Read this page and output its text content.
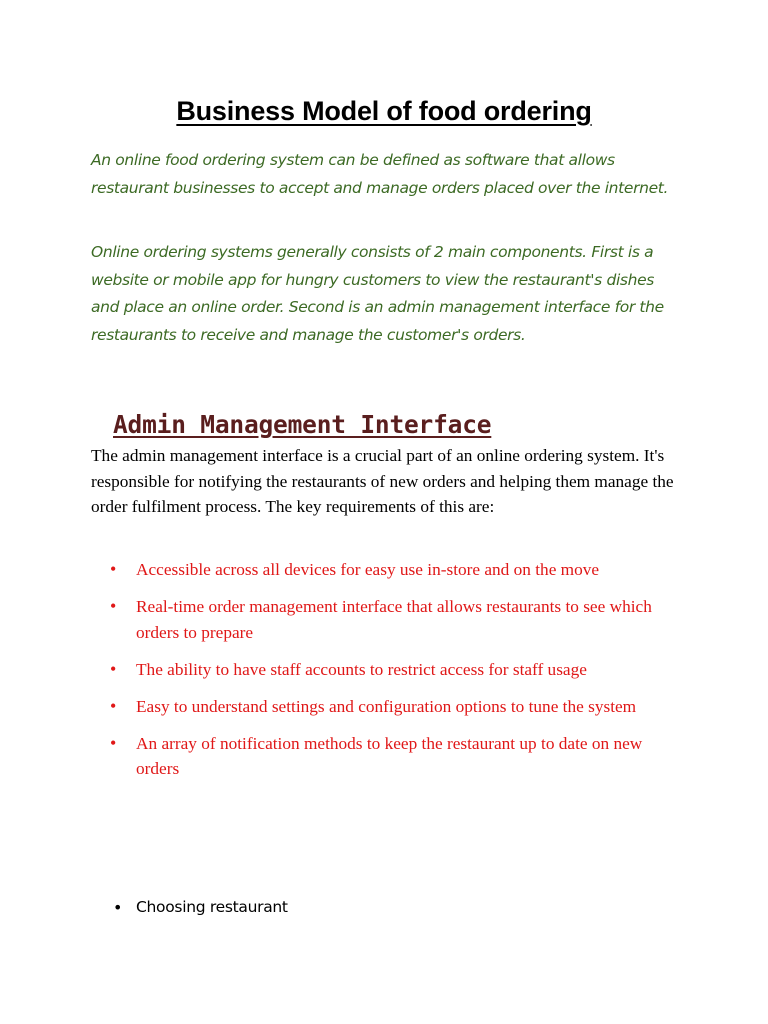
Business Model of food ordering

An online food ordering system can be defined as software that allows restaurant businesses to accept and manage orders placed over the internet.

Online ordering systems generally consists of 2 main components. First is a website or mobile app for hungry customers to view the restaurant's dishes and place an online order. Second is an admin management interface for the restaurants to receive and manage the customer's orders.

Admin Management Interface

The admin management interface is a crucial part of an online ordering system. It's responsible for notifying the restaurants of new orders and helping them manage the order fulfilment process. The key requirements of this are:

• Accessible across all devices for easy use in-store and on the move
• Real-time order management interface that allows restaurants to see which orders to prepare
• The ability to have staff accounts to restrict access for staff usage
• Easy to understand settings and configuration options to tune the system
• An array of notification methods to keep the restaurant up to date on new orders
• Choosing restaurant
